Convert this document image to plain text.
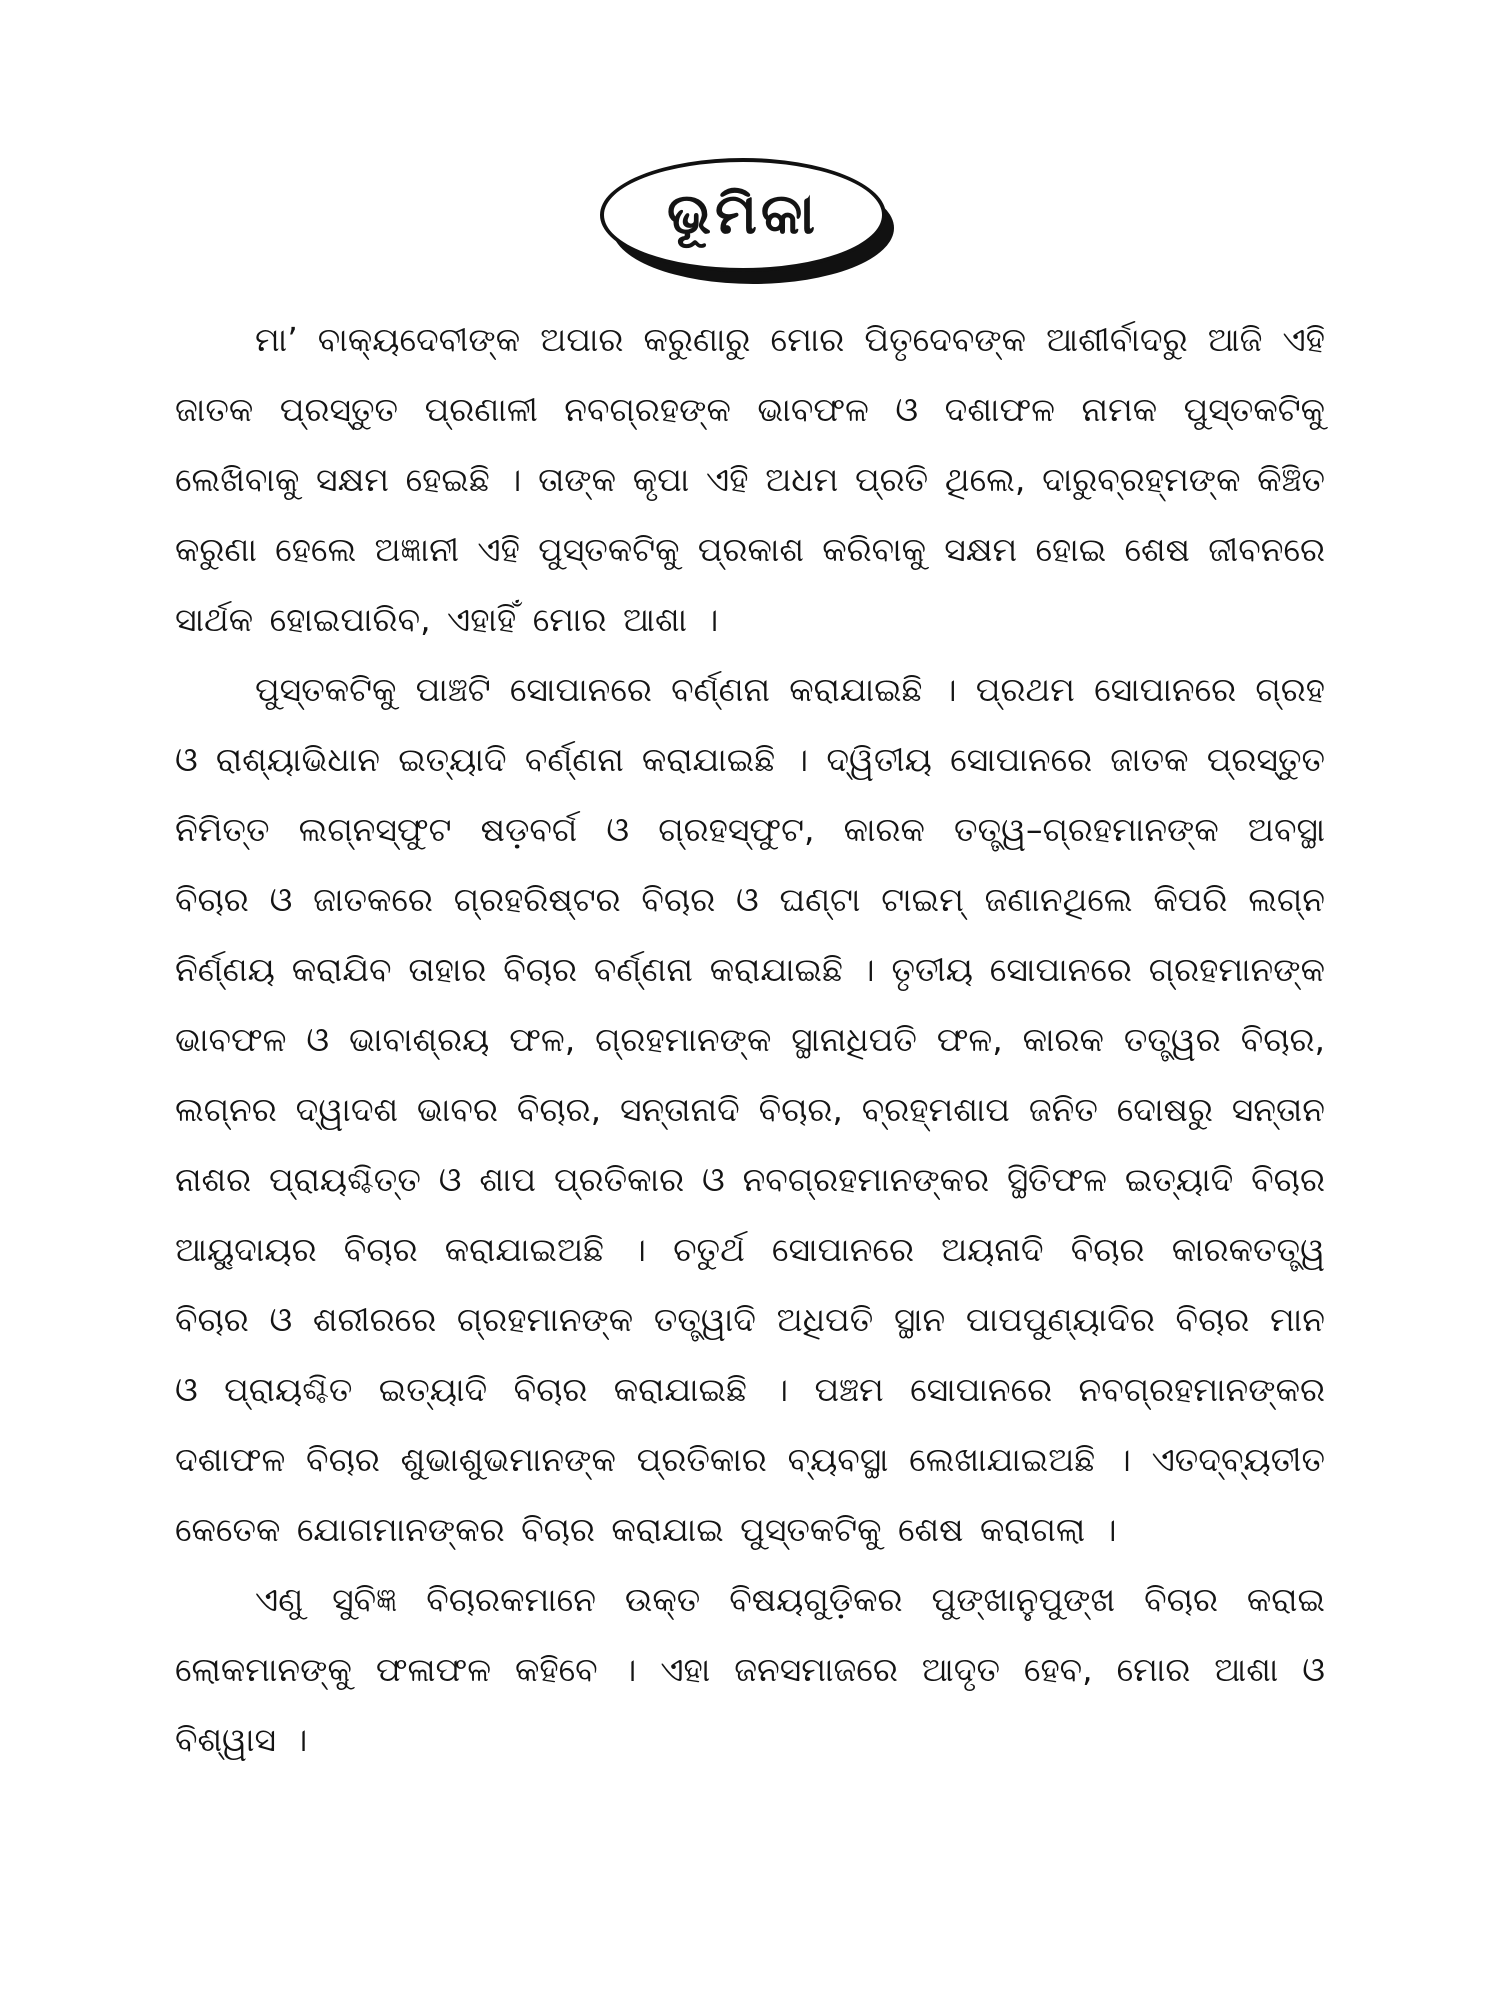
ଭୂମିକା

ମା’ ବାକ୍ୟଦେବୀଙ୍କ ଅପାର କରୁଣାରୁ ମୋର ପିତୃଦେବଙ୍କ ଆଶୀର୍ବାଦରୁ ଆଜି ଏହି ଜାତକ ପ୍ରସ୍ତୁତ ପ୍ରଣାଳୀ ନବଗ୍ରହଙ୍କ ଭାବଫଳ ଓ ଦଶାଫଳ ନାମକ ପୁସ୍ତକଟିକୁ ଲେଖିବାକୁ ସକ୍ଷମ ହେଇଛି । ତାଙ୍କ କୃପା ଏହି ଅଧମ ପ୍ରତି ଥିଲେ, ଦାରୁବ୍ରହ୍ମଙ୍କ କିଞ୍ଚିତ କରୁଣା ହେଲେ ଅଜ୍ଞାନୀ ଏହି ପୁସ୍ତକଟିକୁ ପ୍ରକାଶ କରିବାକୁ ସକ୍ଷମ ହୋଇ ଶେଷ ଜୀବନରେ ସାର୍ଥକ ହୋଇପାରିବ, ଏହାହିଁ ମୋର ଆଶା ।

ପୁସ୍ତକଟିକୁ ପାଞ୍ଚଟି ସୋପାନରେ ବର୍ଣ୍ଣନା କରାଯାଇଛି । ପ୍ରଥମ ସୋପାନରେ ଗ୍ରହ ଓ ରାଶ୍ୟାଭିଧାନ ଇତ୍ୟାଦି ବର୍ଣ୍ଣନା କରାଯାଇଛି । ଦ୍ୱିତୀୟ ସୋପାନରେ ଜାତକ ପ୍ରସ୍ତୁତ ନିମିତ୍ତ ଲଗ୍ନସ୍ଫୁଟ ଷଡ଼ବର୍ଗ ଓ ଗ୍ରହସ୍ଫୁଟ, କାରକ ତତ୍ତ୍ୱ–ଗ୍ରହମାନଙ୍କ ଅବସ୍ଥା ବିଚାର ଓ ଜାତକରେ ଗ୍ରହରିଷ୍ଟର ବିଚାର ଓ ଘଣ୍ଟା ଟାଇମ୍ ଜଣାନଥିଲେ କିପରି ଲଗ୍ନ ନିର୍ଣ୍ଣୟ କରାଯିବ ତାହାର ବିଚାର ବର୍ଣ୍ଣନା କରାଯାଇଛି । ତୃତୀୟ ସୋପାନରେ ଗ୍ରହମାନଙ୍କ ଭାବଫଳ ଓ ଭାବାଶ୍ରୟ ଫଳ, ଗ୍ରହମାନଙ୍କ ସ୍ଥାନାଧିପତି ଫଳ, କାରକ ତତ୍ତ୍ୱର ବିଚାର, ଲଗ୍ନର ଦ୍ୱାଦଶ ଭାବର ବିଚାର, ସନ୍ତାନାଦି ବିଚାର, ବ୍ରହ୍ମଶାପ ଜନିତ ଦୋଷରୁ ସନ୍ତାନ ନାଶର ପ୍ରାୟଶ୍ଚିତ୍ତ ଓ ଶାପ ପ୍ରତିକାର ଓ ନବଗ୍ରହମାନଙ୍କର ସ୍ଥିତିଫଳ ଇତ୍ୟାଦି ବିଚାର ଆୟୁଦାୟର ବିଚାର କରାଯାଇଅଛି । ଚତୁର୍ଥ ସୋପାନରେ ଅୟନାଦି ବିଚାର କାରକତତ୍ତ୍ୱ ବିଚାର ଓ ଶରୀରରେ ଗ୍ରହମାନଙ୍କ ତତ୍ତ୍ୱାଦି ଅଧିପତି ସ୍ଥାନ ପାପପୁଣ୍ୟାଦିର ବିଚାର ମାନ ଓ ପ୍ରାୟଶ୍ଚିତ ଇତ୍ୟାଦି ବିଚାର କରାଯାଇଛି । ପଞ୍ଚମ ସୋପାନରେ ନବଗ୍ରହମାନଙ୍କର ଦଶାଫଳ ବିଚାର ଶୁଭାଶୁଭମାନଙ୍କ ପ୍ରତିକାର ବ୍ୟବସ୍ଥା ଲେଖାଯାଇଅଛି । ଏତଦ୍‌ବ୍ୟତୀତ କେତେକ ଯୋଗମାନଙ୍କର ବିଚାର କରାଯାଇ ପୁସ୍ତକଟିକୁ ଶେଷ କରାଗଲା ।

ଏଣୁ ସୁବିଜ୍ଞ ବିଚାରକମାନେ ଉକ୍ତ ବିଷୟଗୁଡ଼ିକର ପୁଙ୍ଖାନୁପୁଙ୍ଖ ବିଚାର କରାଇ ଲୋକମାନଙ୍କୁ ଫଳାଫଳ କହିବେ । ଏହା ଜନସମାଜରେ ଆଦୃତ ହେବ, ମୋର ଆଶା ଓ ବିଶ୍ୱାସ ।
